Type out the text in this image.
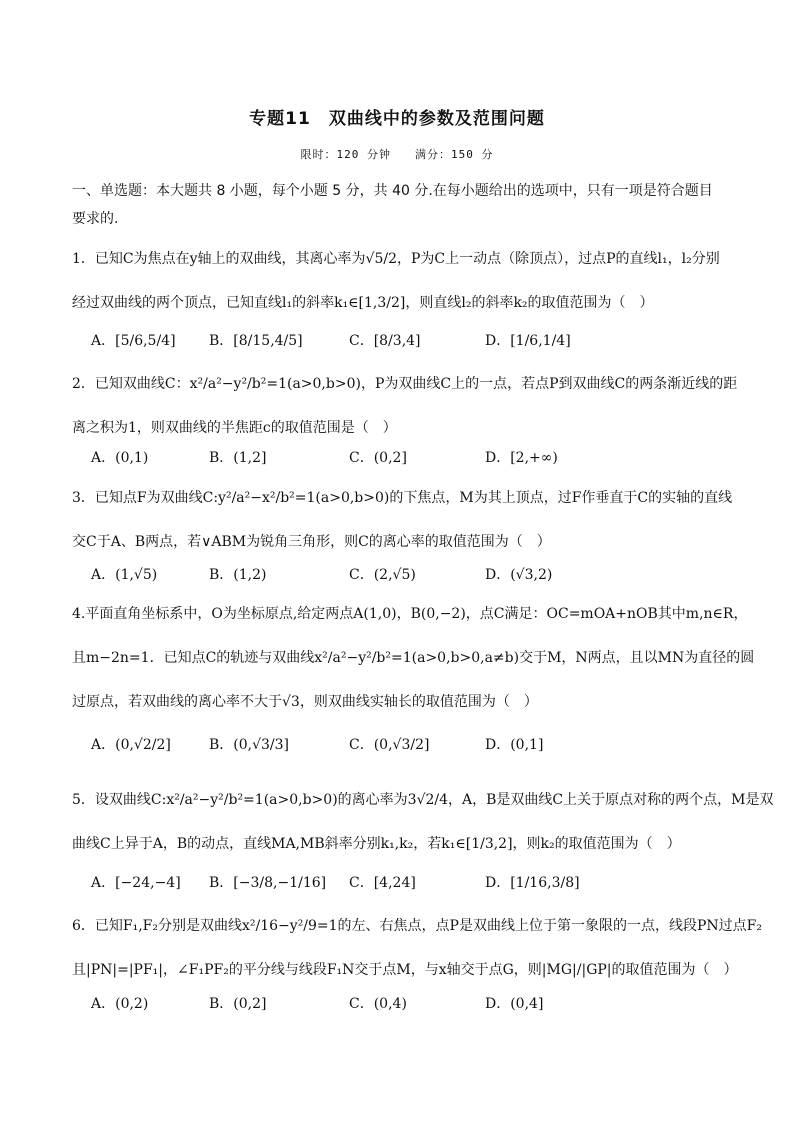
专题11　双曲线中的参数及范围问题
限时：120 分钟　　满分：150 分
一、单选题：本大题共 8 小题，每个小题 5 分，共 40 分.在每小题给出的选项中，只有一项是符合题目要求的.
1．已知C为焦点在y轴上的双曲线，其离心率为√5/2，P为C上一动点（除顶点），过点P的直线l₁，l₂分别
经过双曲线的两个顶点，已知直线l₁的斜率k₁∈[1,3/2]，则直线l₂的斜率k₂的取值范围为（　）
A．[5/6,5/4] B．[8/15,4/5]	C．[8/3,4]	D．[1/6,1/4]
2．已知双曲线C：x²/a²−y²/b²=1(a>0,b>0)，P为双曲线C上的一点，若点P到双曲线C的两条渐近线的距
离之积为1，则双曲线的半焦距c的取值范围是（　）
A．(0,1)	B．(1,2]	C．(0,2]	D．[2,+∞)
3．已知点F为双曲线C:y²/a²−x²/b²=1(a>0,b>0)的下焦点，M为其上顶点，过F作垂直于C的实轴的直线
交C于A、B两点，若∨ABM为锐角三角形，则C的离心率的取值范围为（　）
A．(1,√5)	B．(1,2)	C．(2,√5)	D．(√3,2)
4.平面直角坐标系中，O为坐标原点,给定两点A(1,0)，B(0,−2)，点C满足：OC=mOA+nOB其中m,n∈R，
且m−2n=1．已知点C的轨迹与双曲线x²/a²−y²/b²=1(a>0,b>0,a≠b)交于M，N两点，且以MN为直径的圆
过原点，若双曲线的离心率不大于√3，则双曲线实轴长的取值范围为（　）
A．(0,√2/2]	B．(0,√3/3]	C．(0,√3/2]	D．(0,1]
5．设双曲线C:x²/a²−y²/b²=1(a>0,b>0)的离心率为3√2/4，A，B是双曲线C上关于原点对称的两个点，M是双
曲线C上异于A，B的动点，直线MA,MB斜率分别k₁,k₂，若k₁∈[1/3,2]，则k₂的取值范围为（　）
A．[−24,−4] B．[−3/8,−1/16] C．[4,24]	D．[1/16,3/8]
6．已知F₁,F₂分别是双曲线x²/16−y²/9=1的左、右焦点，点P是双曲线上位于第一象限的一点，线段PN过点F₂
且|PN|=|PF₁|，∠F₁PF₂的平分线与线段F₁N交于点M，与x轴交于点G，则|MG|/|GP|的取值范围为（　）
A．(0,2)	B．(0,2]	C．(0,4)	D．(0,4]
